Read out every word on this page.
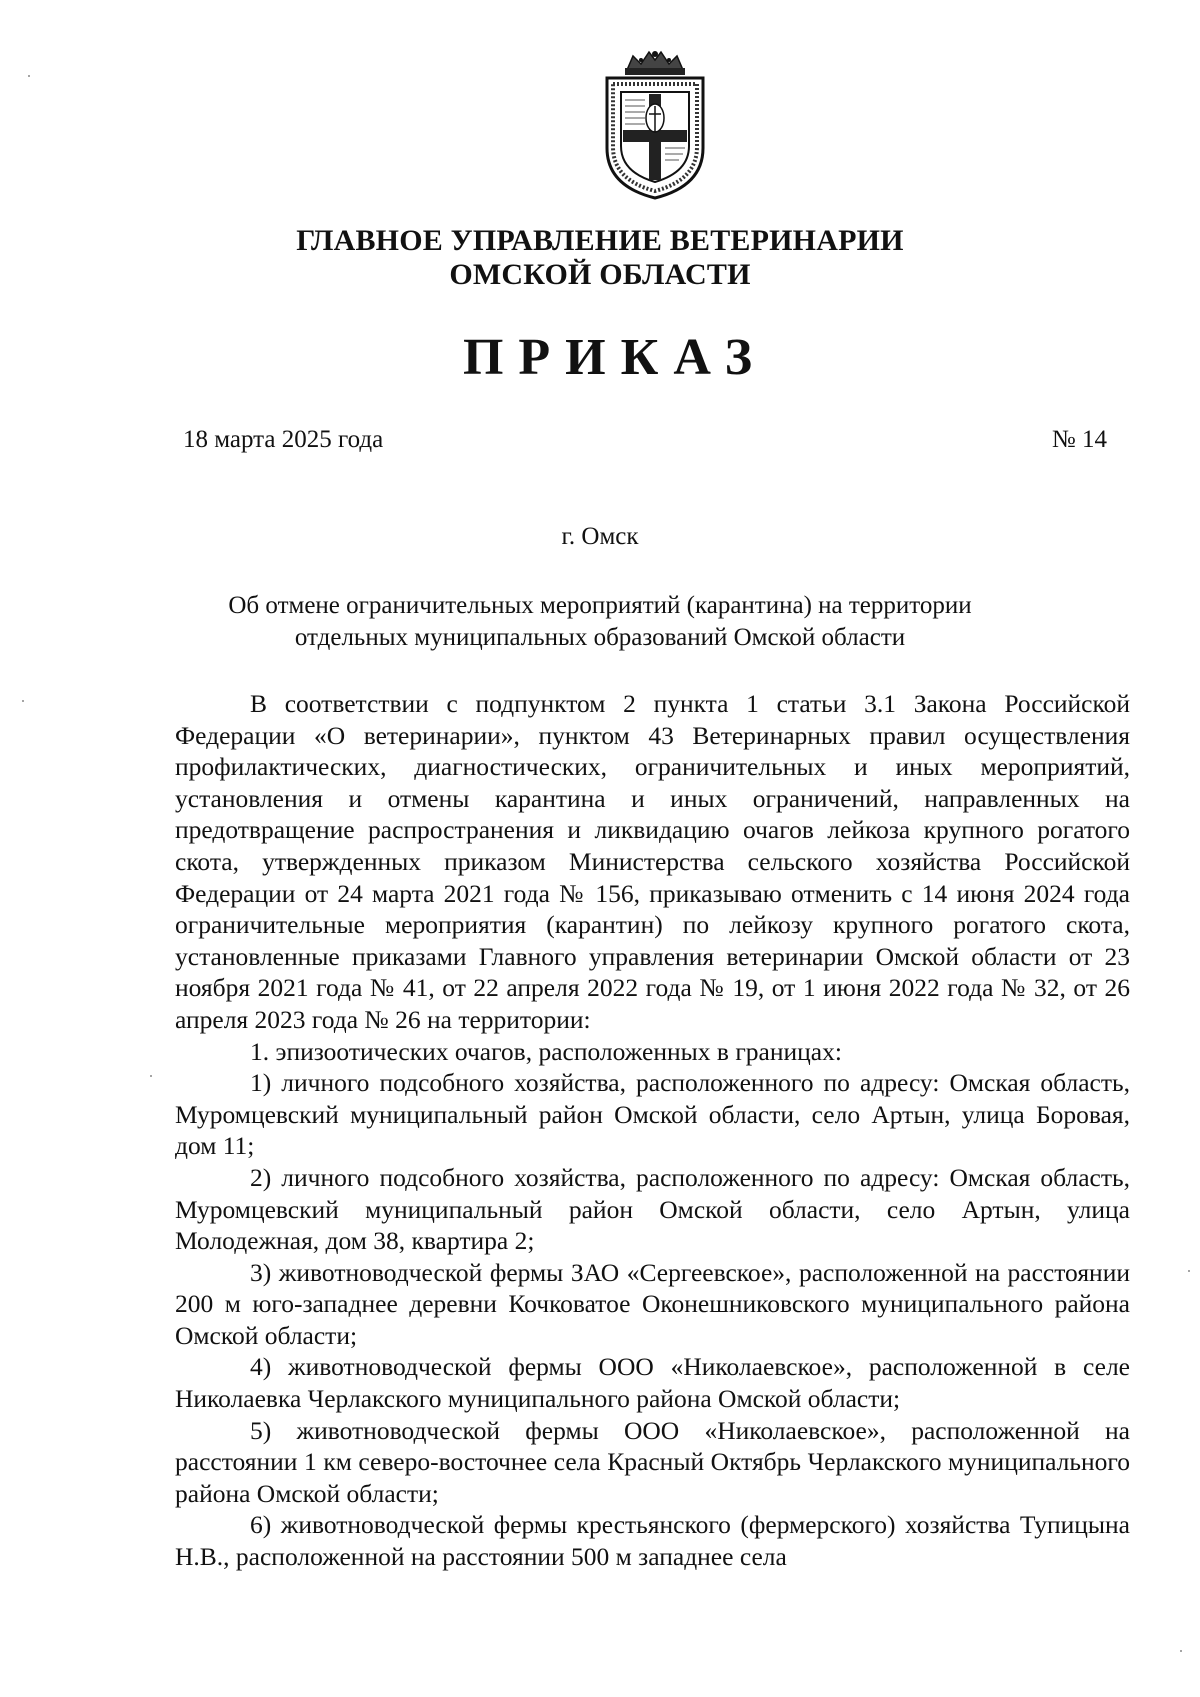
ГЛАВНОЕ УПРАВЛЕНИЕ ВЕТЕРИНАРИИ
ОМСКОЙ ОБЛАСТИ
ПРИКАЗ
18 марта 2025 года	№ 14
г. Омск
Об отмене ограничительных мероприятий (карантина) на территории
отдельных муниципальных образований Омской области

В соответствии с подпунктом 2 пункта 1 статьи 3.1 Закона Российской Федерации «О ветеринарии», пунктом 43 Ветеринарных правил осуществления профилактических, диагностических, ограничительных и иных мероприятий, установления и отмены карантина и иных ограничений, направленных на предотвращение распространения и ликвидацию очагов лейкоза крупного рогатого скота, утвержденных приказом Министерства сельского хозяйства Российской Федерации от 24 марта 2021 года № 156, приказываю отменить с 14 июня 2024 года ограничительные мероприятия (карантин) по лейкозу крупного рогатого скота, установленные приказами Главного управления ветеринарии Омской области от 23 ноября 2021 года № 41, от 22 апреля 2022 года № 19, от 1 июня 2022 года № 32, от 26 апреля 2023 года № 26 на территории:

1. эпизоотических очагов, расположенных в границах:

1) личного подсобного хозяйства, расположенного по адресу: Омская область, Муромцевский муниципальный район Омской области, село Артын, улица Боровая, дом 11;

2) личного подсобного хозяйства, расположенного по адресу: Омская область, Муромцевский муниципальный район Омской области, село Артын, улица Молодежная, дом 38, квартира 2;

3) животноводческой фермы ЗАО «Сергеевское», расположенной на расстоянии 200 м юго-западнее деревни Кочковатое Оконешниковского муниципального района Омской области;

4) животноводческой фермы ООО «Николаевское», расположенной в селе Николаевка Черлакского муниципального района Омской области;

5) животноводческой фермы ООО «Николаевское», расположенной на расстоянии 1 км северо-восточнее села Красный Октябрь Черлакского муниципального района Омской области;

6) животноводческой фермы крестьянского (фермерского) хозяйства Тупицына Н.В., расположенной на расстоянии 500 м западнее села
